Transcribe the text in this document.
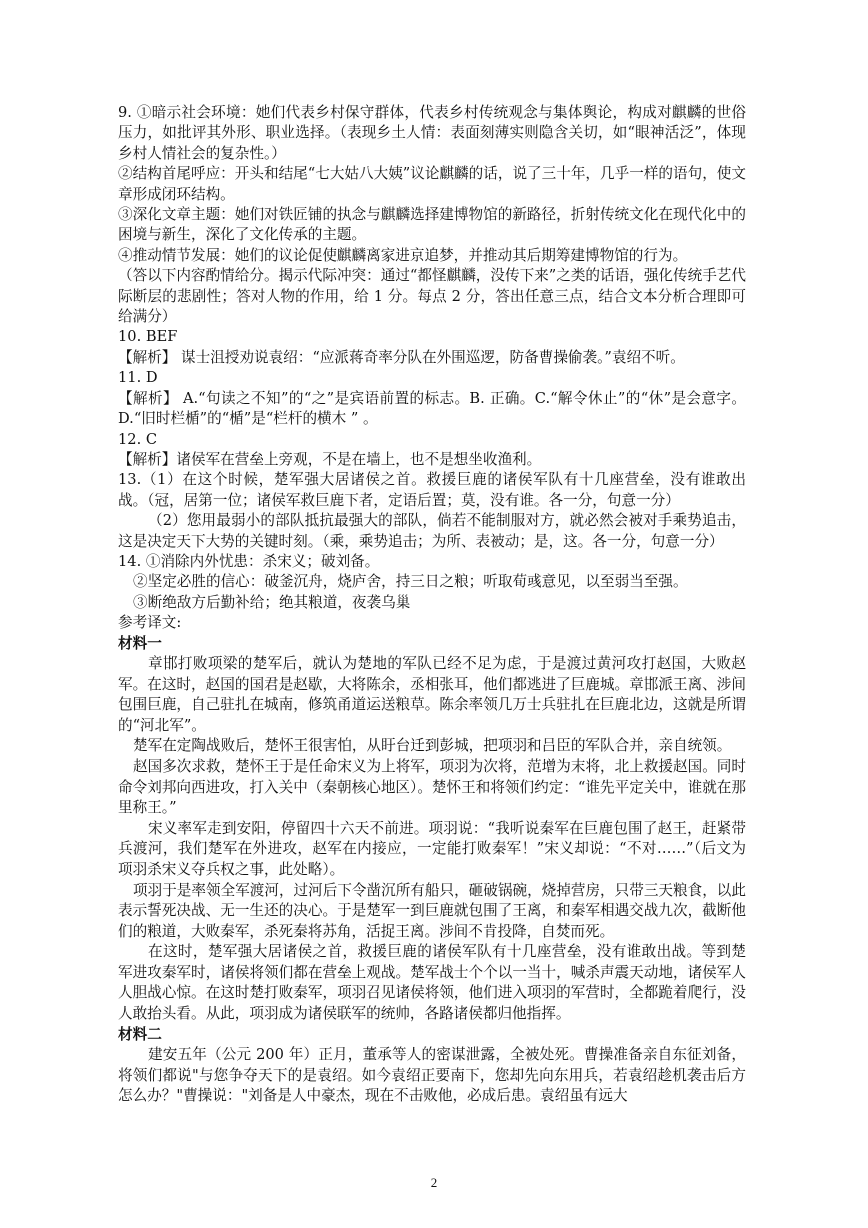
9. ①暗示社会环境：她们代表乡村保守群体，代表乡村传统观念与集体舆论，构成对麒麟的世俗压力，如批评其外形、职业选择。（表现乡土人情：表面刻薄实则隐含关切，如“眼神活泛”，体现乡村人情社会的复杂性。）

②结构首尾呼应：开头和结尾“七大姑八大姨”议论麒麟的话，说了三十年，几乎一样的语句，使文章形成闭环结构。

③深化文章主题：她们对铁匠铺的执念与麒麟选择建博物馆的新路径，折射传统文化在现代化中的困境与新生，深化了文化传承的主题。

④推动情节发展：她们的议论促使麒麟离家进京追梦，并推动其后期筹建博物馆的行为。

（答以下内容酌情给分。揭示代际冲突：通过“都怪麒麟，没传下来”之类的话语，强化传统手艺代际断层的悲剧性；答对人物的作用，给 1 分。每点 2 分，答出任意三点，结合文本分析合理即可给满分）

10. BEF

【解析】 谋士沮授劝说袁绍：“应派蒋奇率分队在外围巡逻，防备曹操偷袭。”袁绍不听。

11. D

【解析】 A.“句读之不知”的“之”是宾语前置的标志。B. 正确。C.“解令休止”的“休”是会意字。D.“旧时栏楯”的“楯”是“栏杆的横木 ” 。

12. C

【解析】诸侯军在营垒上旁观，不是在墙上，也不是想坐收渔利。

13.（1）在这个时候，楚军强大居诸侯之首。救援巨鹿的诸侯军队有十几座营垒，没有谁敢出战。（冠，居第一位；诸侯军救巨鹿下者，定语后置；莫，没有谁。各一分，句意一分）

（2）您用最弱小的部队抵抗最强大的部队，倘若不能制服对方，就必然会被对手乘势追击，这是决定天下大势的关键时刻。（乘，乘势追击；为所、表被动；是，这。各一分，句意一分）

14. ①消除内外忧患：杀宋义；破刘备。

②坚定必胜的信心：破釜沉舟，烧庐舍，持三日之粮；听取荀彧意见，以至弱当至强。

③断绝敌方后勤补给；绝其粮道，夜袭乌巢

参考译文:

材料一

章邯打败项梁的楚军后，就认为楚地的军队已经不足为虑，于是渡过黄河攻打赵国，大败赵军。在这时，赵国的国君是赵歇，大将陈余，丞相张耳，他们都逃进了巨鹿城。章邯派王离、涉间包围巨鹿，自己驻扎在城南，修筑甬道运送粮草。陈余率领几万士兵驻扎在巨鹿北边，这就是所谓的“河北军”。

楚军在定陶战败后，楚怀王很害怕，从盱台迁到彭城，把项羽和吕臣的军队合并，亲自统领。

赵国多次求救，楚怀王于是任命宋义为上将军，项羽为次将，范增为末将，北上救援赵国。同时命令刘邦向西进攻，打入关中（秦朝核心地区）。楚怀王和将领们约定：“谁先平定关中，谁就在那里称王。”

宋义率军走到安阳，停留四十六天不前进。项羽说：“我听说秦军在巨鹿包围了赵王，赶紧带兵渡河，我们楚军在外进攻，赵军在内接应，一定能打败秦军！”宋义却说：“不对……”（后文为项羽杀宋义夺兵权之事，此处略）。

项羽于是率领全军渡河，过河后下令凿沉所有船只，砸破锅碗，烧掉营房，只带三天粮食，以此表示誓死决战、无一生还的决心。于是楚军一到巨鹿就包围了王离，和秦军相遇交战九次，截断他们的粮道，大败秦军，杀死秦将苏角，活捉王离。涉间不肯投降，自焚而死。

在这时，楚军强大居诸侯之首，救援巨鹿的诸侯军队有十几座营垒，没有谁敢出战。等到楚军进攻秦军时，诸侯将领们都在营垒上观战。楚军战士个个以一当十，喊杀声震天动地，诸侯军人人胆战心惊。在这时楚打败秦军，项羽召见诸侯将领，他们进入项羽的军营时，全都跪着爬行，没人敢抬头看。从此，项羽成为诸侯联军的统帅，各路诸侯都归他指挥。

材料二

建安五年（公元 200 年）正月，董承等人的密谋泄露，全被处死。曹操准备亲自东征刘备，将领们都说"与您争夺天下的是袁绍。如今袁绍正要南下，您却先向东用兵，若袁绍趁机袭击后方怎么办？"曹操说："刘备是人中豪杰，现在不击败他，必成后患。袁绍虽有远大

2
